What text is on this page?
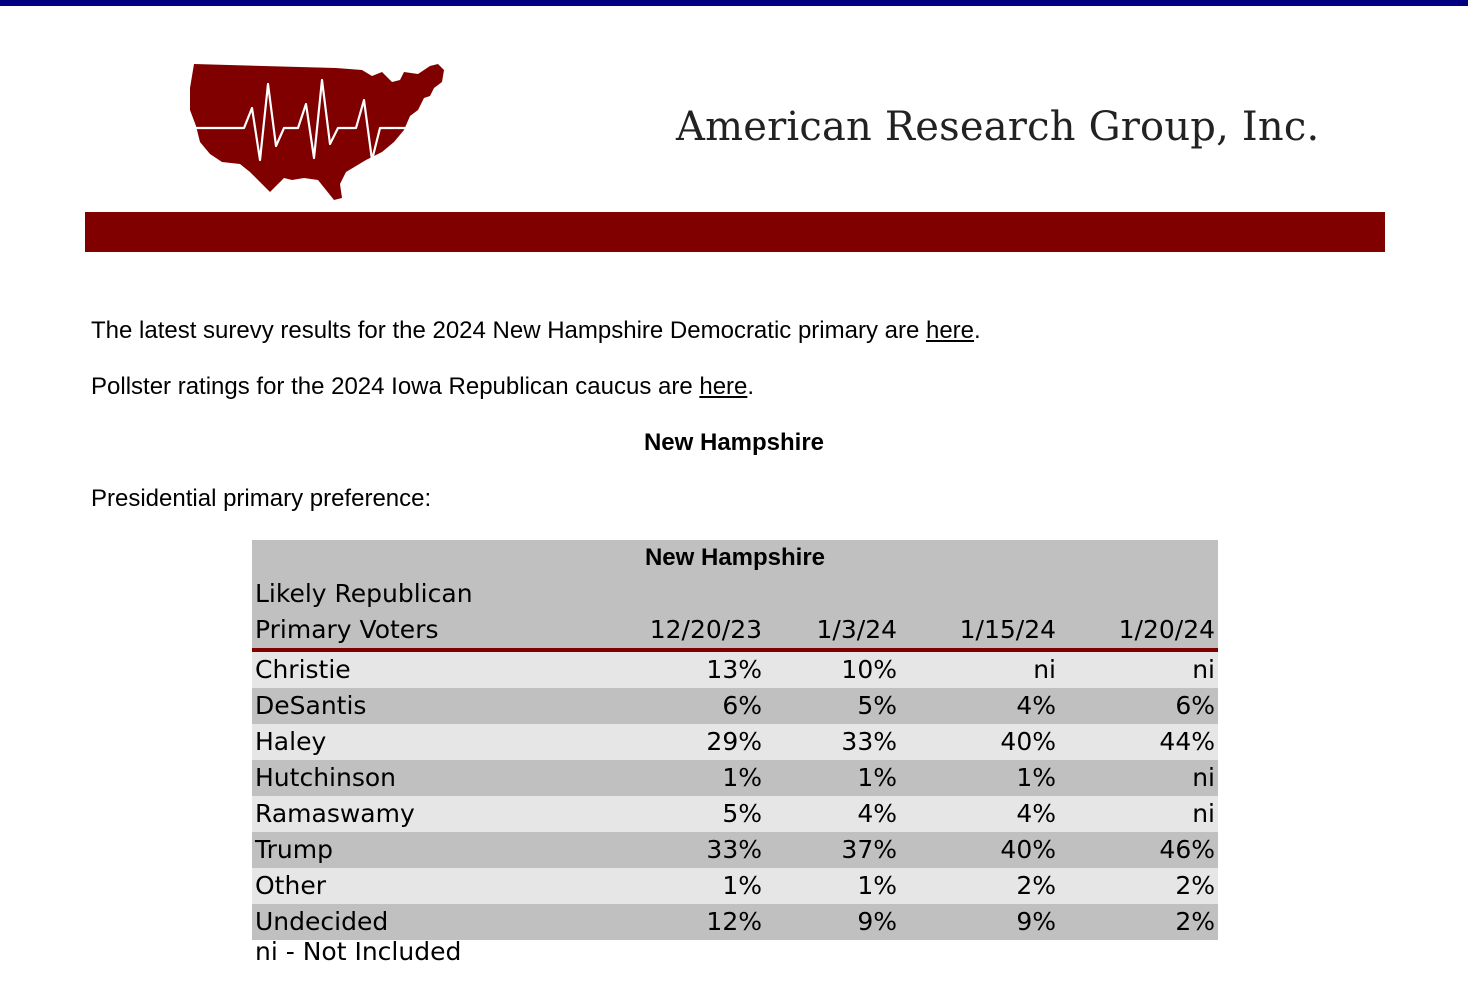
American Research Group, Inc.
The latest surevy results for the 2024 New Hampshire Democratic primary are here.
Pollster ratings for the 2024 Iowa Republican caucus are here.
New Hampshire
Presidential primary preference:
New Hampshire				
Likely Republican
Primary Voters	12/20/23	1/3/24	1/15/24	1/20/24
Christie	13%	10%	ni	ni
DeSantis	6%	5%	4%	6%
Haley	29%	33%	40%	44%
Hutchinson	1%	1%	1%	ni
Ramaswamy	5%	4%	4%	ni
Trump	33%	37%	40%	46%
Other	1%	1%	2%	2%
Undecided	12%	9%	9%	2%
ni - Not Included
